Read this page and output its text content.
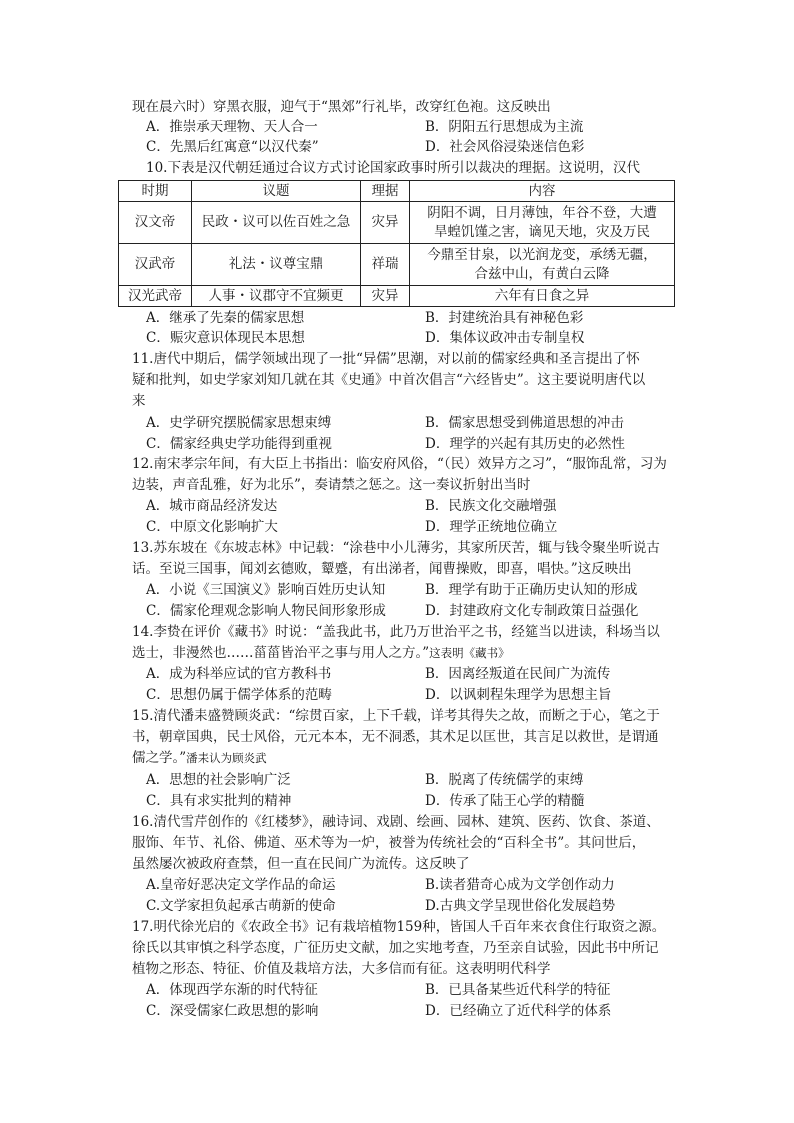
现在晨六时）穿黑衣服，迎气于“黑郊”行礼毕，改穿红色袍。这反映出
A．推崇承天理物、天人合一	B．阴阳五行思想成为主流
C．先黑后红寓意“以汉代秦”	D．社会风俗浸染迷信色彩
10.下表是汉代朝廷通过合议方式讨论国家政事时所引以裁决的理据。这说明，汉代
时期	议题	理据	内容
汉文帝	民政・议可以佐百姓之急	灾异	阴阳不调，日月薄蚀，年谷不登，大遭
旱蝗饥馑之害，谪见天地，灾及万民

汉武帝	礼法・议尊宝鼎	祥瑞	今鼎至甘泉，以光润龙变，承绣无疆，
合兹中山，有黄白云降

汉光武帝	人事・议郡守不宜频更	灾异	六年有日食之异
A．继承了先秦的儒家思想	B．封建统治具有神秘色彩
C．赈灾意识体现民本思想	D．集体议政冲击专制皇权
11.唐代中期后，儒学领域出现了一批“异儒”思潮，对以前的儒家经典和圣言提出了怀
疑和批判，如史学家刘知几就在其《史通》中首次倡言“六经皆史”。这主要说明唐代以
来
A．史学研究摆脱儒家思想束缚	B．儒家思想受到佛道思想的冲击
C．儒家经典史学功能得到重视	D．理学的兴起有其历史的必然性
12.南宋孝宗年间，有大臣上书指出：临安府风俗，“（民）效异方之习”，“服饰乱常，习为
边装，声音乱雅，好为北乐”，奏请禁之惩之。这一奏议折射出当时
A．城市商品经济发达	B．民族文化交融增强
C．中原文化影响扩大	D．理学正统地位确立
13.苏东坡在《东坡志林》中记载：“涂巷中小儿薄劣，其家所厌苦，辄与钱令聚坐听说古
话。至说三国事，闻刘玄德败，颦蹙，有出涕者，闻曹操败，即喜，唱快。”这反映出
A．小说《三国演义》影响百姓历史认知	B．理学有助于正确历史认知的形成
C．儒家伦理观念影响人物民间形象形成	D．封建政府文化专制政策日益强化
14.李贽在评价《藏书》时说：“盖我此书，此乃万世治平之书，经筵当以进读，科场当以
选士，非漫然也……菑菑皆治平之事与用人之方。”这表明《藏书》
A．成为科举应试的官方教科书	B．因离经叛道在民间广为流传
C．思想仍属于儒学体系的范畴	D．以讽刺程朱理学为思想主旨
15.清代潘耒盛赞顾炎武：“综贯百家，上下千载，详考其得失之故，而断之于心，笔之于
书，朝章国典，民士风俗，元元本本，无不洞悉，其术足以匡世，其言足以救世，是谓通
儒之学。”潘耒认为顾炎武
A．思想的社会影响广泛	B．脱离了传统儒学的束缚
C．具有求实批判的精神	D．传承了陆王心学的精髓
16.清代雪芹创作的《红楼梦》，融诗词、戏剧、绘画、园林、建筑、医药、饮食、茶道、
服饰、年节、礼俗、佛道、巫术等为一炉，被誉为传统社会的“百科全书”。其问世后，
虽然屡次被政府查禁，但一直在民间广为流传。这反映了
A.皇帝好恶决定文学作品的命运	B.读者猎奇心成为文学创作动力
C.文学家担负起承古萌新的使命	D.古典文学呈现世俗化发展趋势
17.明代徐光启的《农政全书》记有栽培植物159种，皆国人千百年来衣食住行取资之源。
徐氏以其审慎之科学态度，广征历史文献，加之实地考查，乃至亲自试验，因此书中所记
植物之形态、特征、价值及栽培方法，大多信而有征。这表明明代科学
A．体现西学东渐的时代特征	B．已具备某些近代科学的特征
C．深受儒家仁政思想的影响	D．已经确立了近代科学的体系
